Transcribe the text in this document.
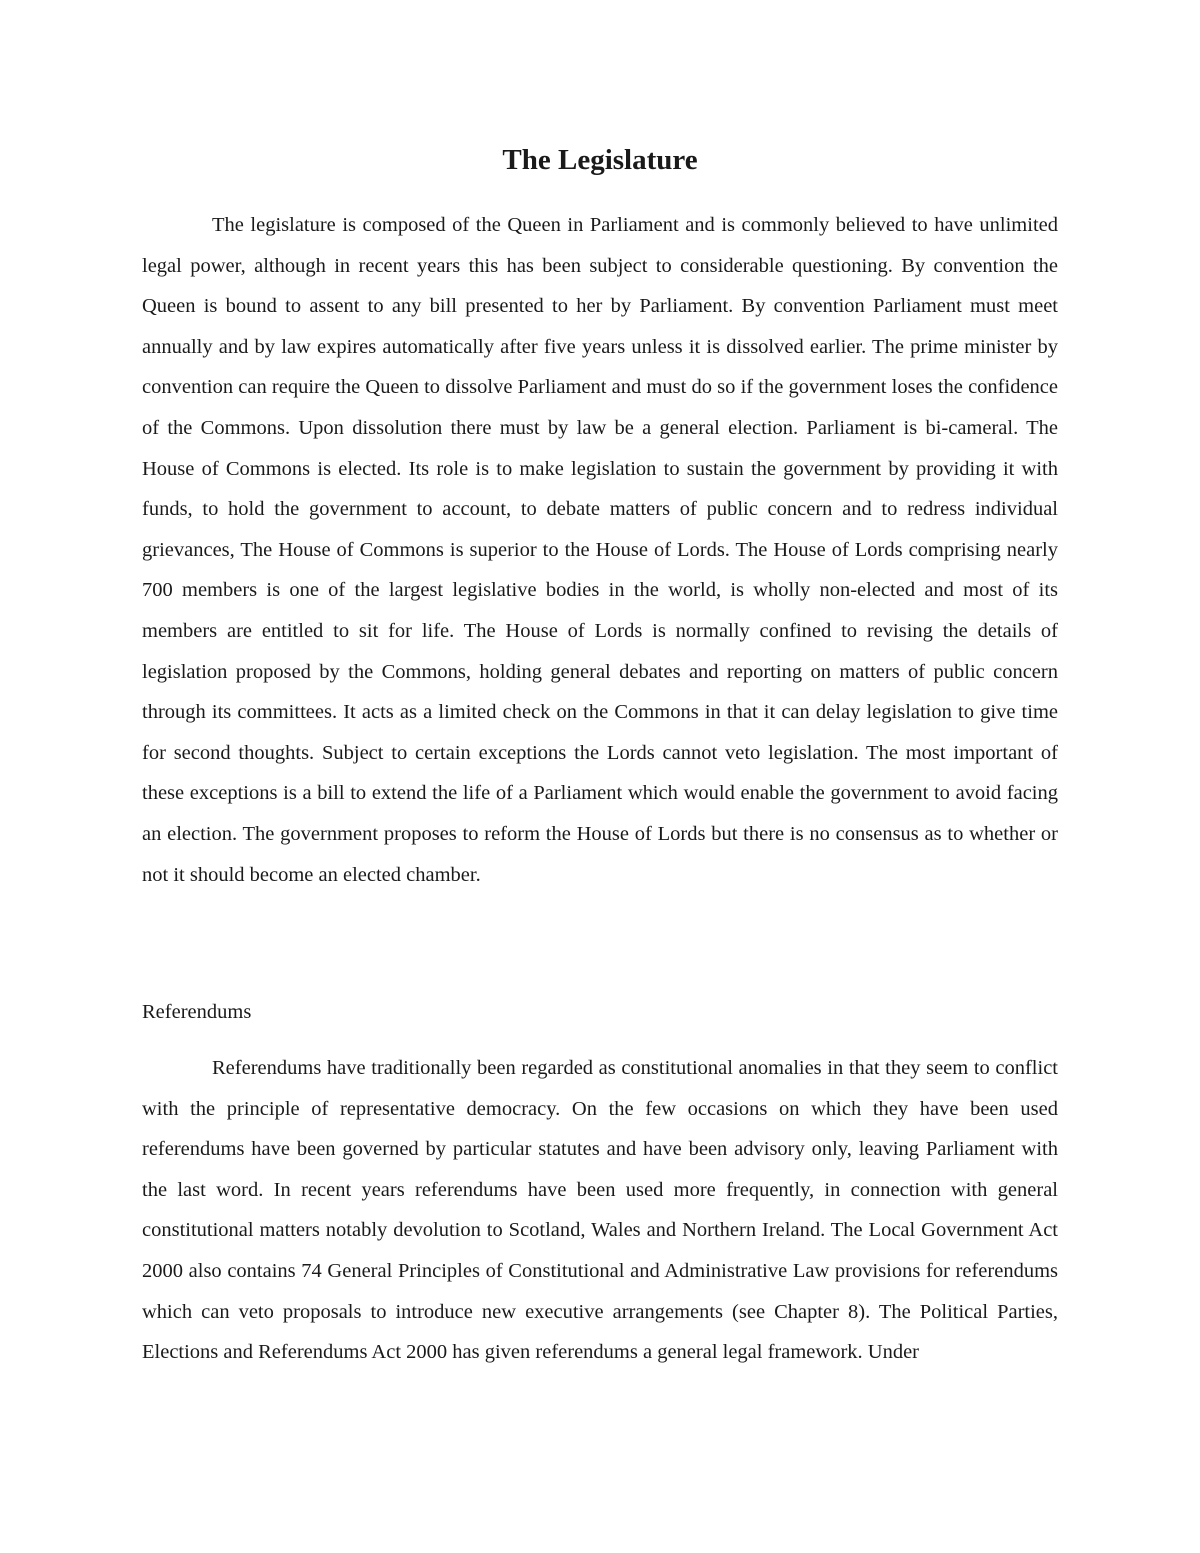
The Legislature

The legislature is composed of the Queen in Parliament and is commonly believed to have unlimited legal power, although in recent years this has been subject to considerable questioning. By convention the Queen is bound to assent to any bill presented to her by Parliament. By convention Parliament must meet annually and by law expires automatically after five years unless it is dissolved earlier. The prime minister by convention can require the Queen to dissolve Parliament and must do so if the government loses the confidence of the Commons. Upon dissolution there must by law be a general election. Parliament is bi-cameral. The House of Commons is elected. Its role is to make legislation to sustain the government by providing it with funds, to hold the government to account, to debate matters of public concern and to redress individual grievances, The House of Commons is superior to the House of Lords. The House of Lords comprising nearly 700 members is one of the largest legislative bodies in the world, is wholly non-elected and most of its members are entitled to sit for life. The House of Lords is normally confined to revising the details of legislation proposed by the Commons, holding general debates and reporting on matters of public concern through its committees. It acts as a limited check on the Commons in that it can delay legislation to give time for second thoughts. Subject to certain exceptions the Lords cannot veto legislation. The most important of these exceptions is a bill to extend the life of a Parliament which would enable the government to avoid facing an election. The government proposes to reform the House of Lords but there is no consensus as to whether or not it should become an elected chamber.

Referendums

Referendums have traditionally been regarded as constitutional anomalies in that they seem to conflict with the principle of representative democracy. On the few occasions on which they have been used referendums have been governed by particular statutes and have been advisory only, leaving Parliament with the last word. In recent years referendums have been used more frequently, in connection with general constitutional matters notably devolution to Scotland, Wales and Northern Ireland. The Local Government Act 2000 also contains 74 General Principles of Constitutional and Administrative Law provisions for referendums which can veto proposals to introduce new executive arrangements (see Chapter 8). The Political Parties, Elections and Referendums Act 2000 has given referendums a general legal framework. Under
